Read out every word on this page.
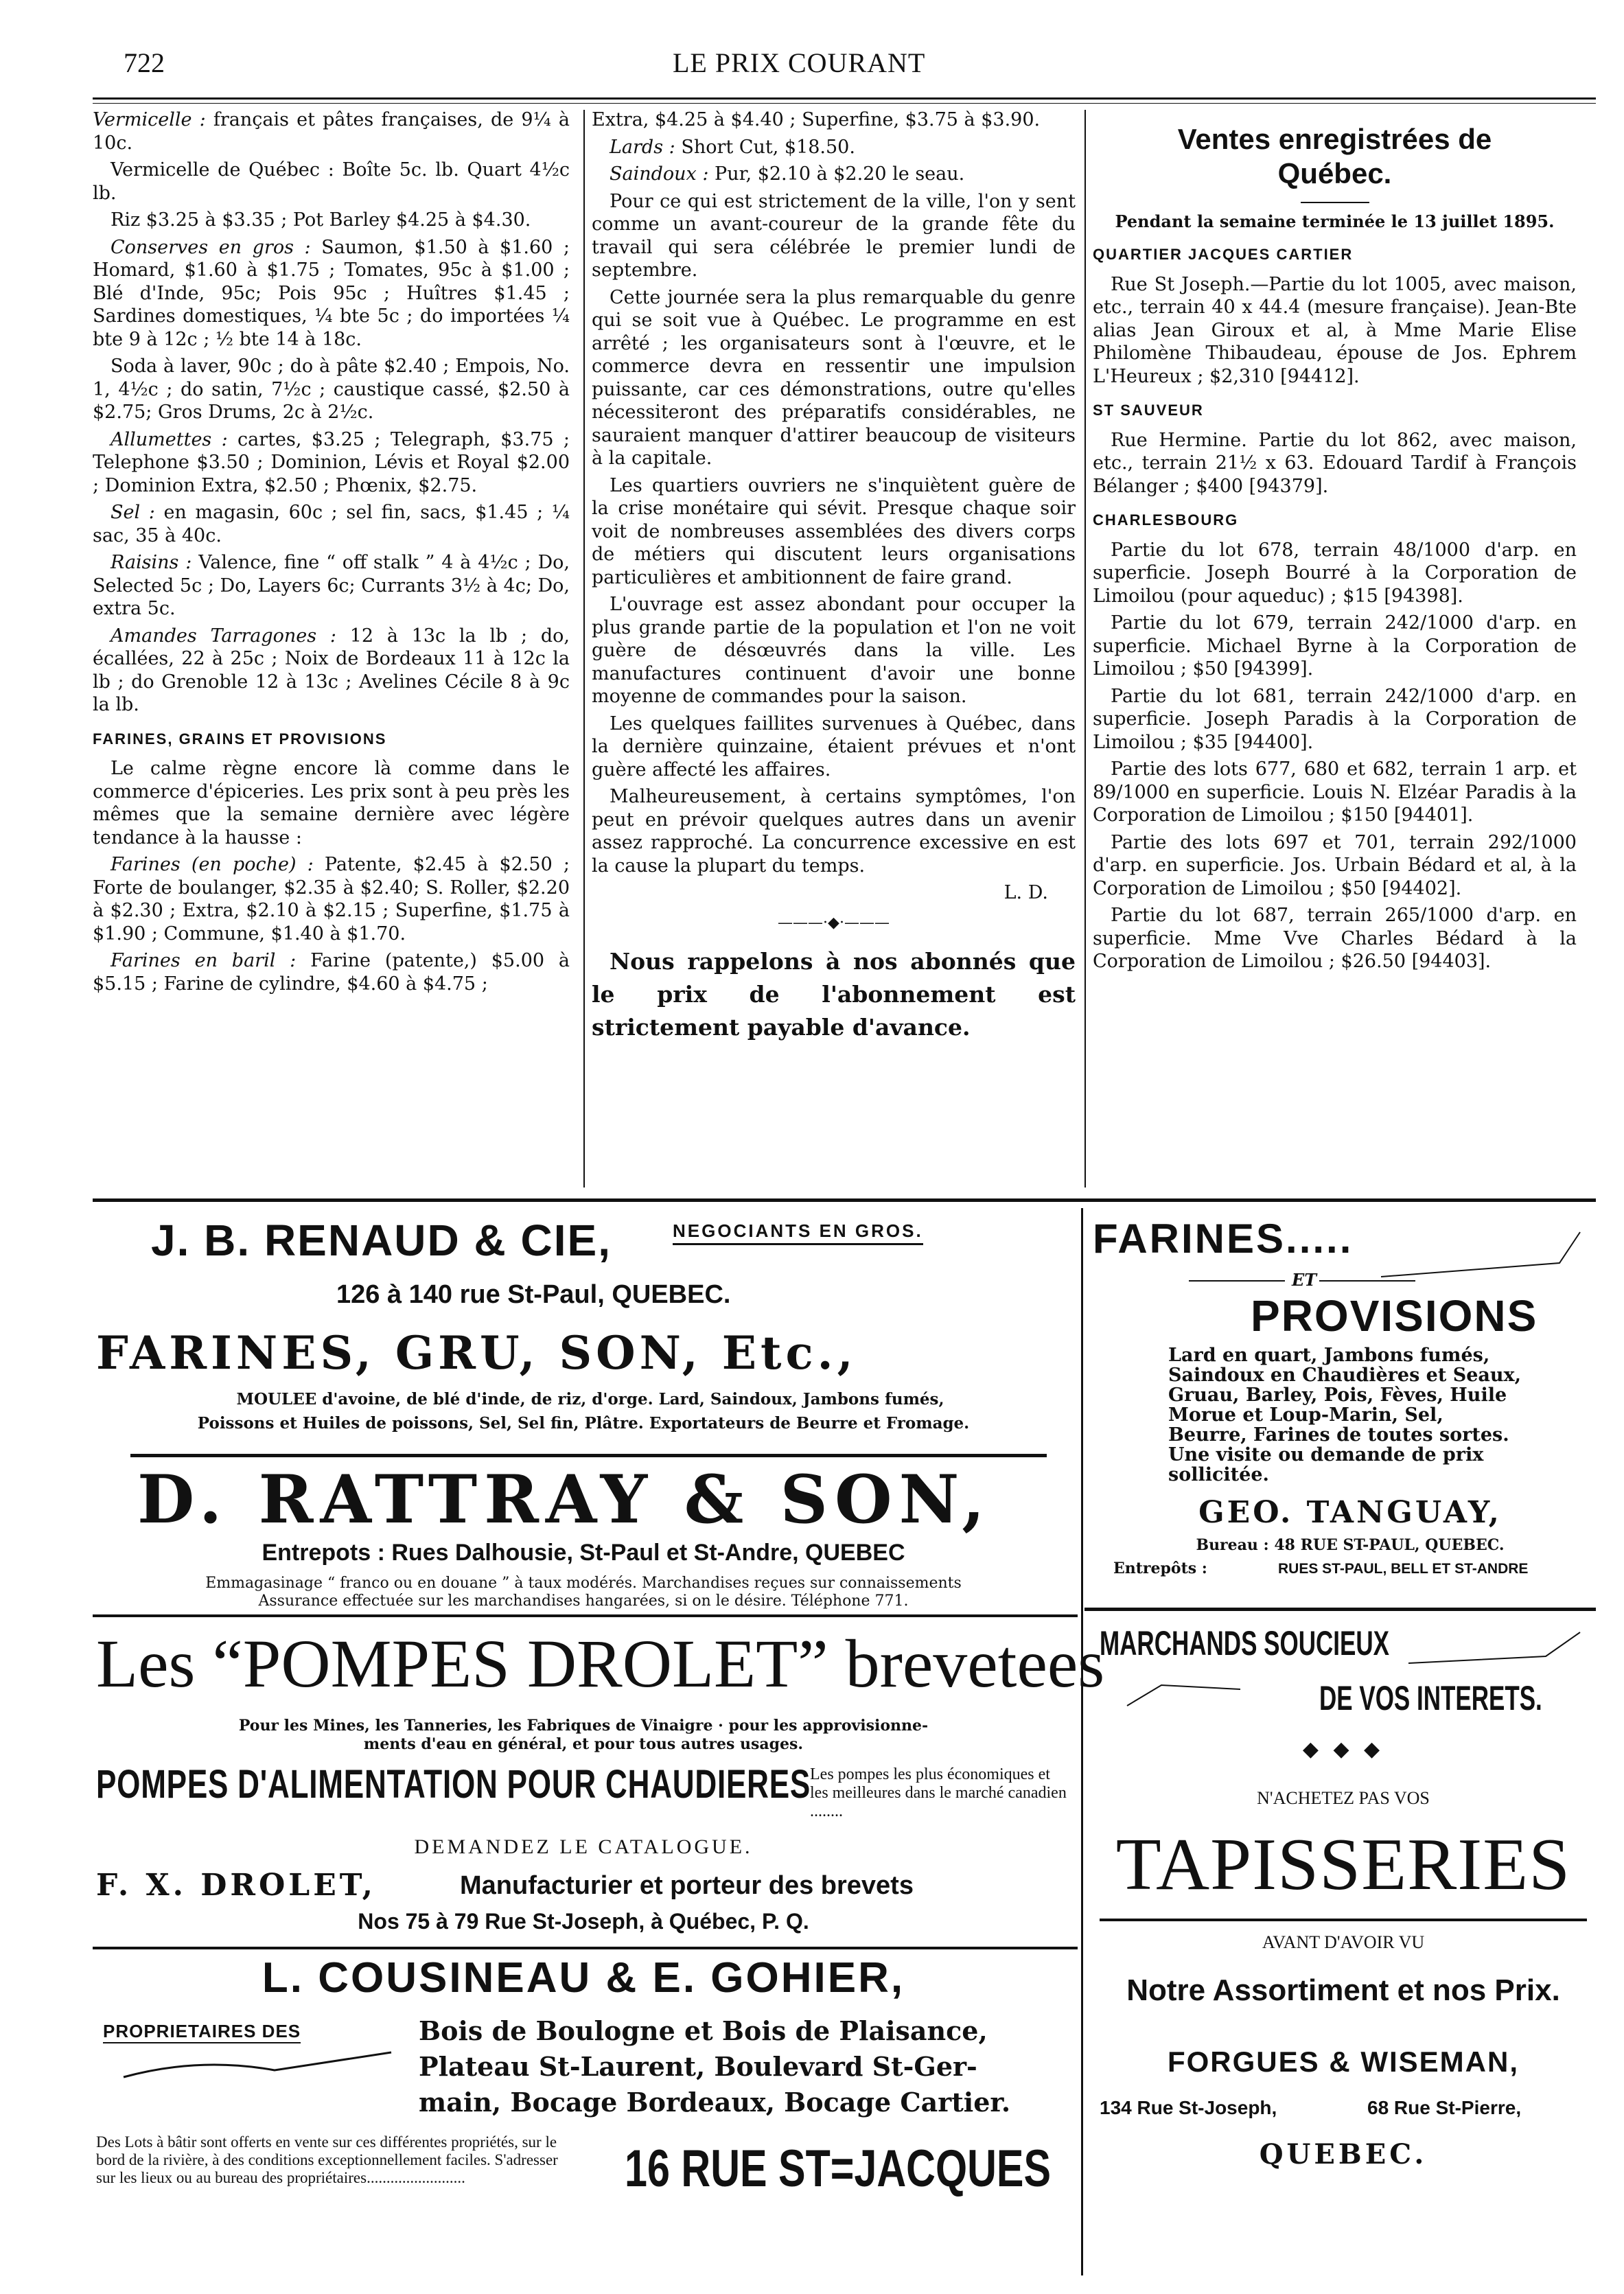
722	LE PRIX COURANT

Vermicelle : français et pâtes françaises, de 9¼ à 10c.

Vermicelle de Québec : Boîte 5c. lb. Quart 4½c lb.

Riz $3.25 à $3.35 ; Pot Barley $4.25 à $4.30.

Conserves en gros : Saumon, $1.50 à $1.60 ; Homard, $1.60 à $1.75 ; Tomates, 95c à $1.00 ; Blé d'Inde, 95c; Pois 95c ; Huîtres $1.45 ; Sardines domestiques, ¼ bte 5c ; do importées ¼ bte 9 à 12c ; ½ bte 14 à 18c.

Soda à laver, 90c ; do à pâte $2.40 ; Empois, No. 1, 4½c ; do satin, 7½c ; caustique cassé, $2.50 à $2.75; Gros Drums, 2c à 2½c.

Allumettes : cartes, $3.25 ; Telegraph, $3.75 ; Telephone $3.50 ; Dominion, Lévis et Royal $2.00 ; Dominion Extra, $2.50 ; Phœnix, $2.75.

Sel : en magasin, 60c ; sel fin, sacs, $1.45 ; ¼ sac, 35 à 40c.

Raisins : Valence, fine “ off stalk ” 4 à 4½c ; Do, Selected 5c ; Do, Layers 6c; Currants 3½ à 4c; Do, extra 5c.

Amandes Tarragones : 12 à 13c la lb ; do, écallées, 22 à 25c ; Noix de Bordeaux 11 à 12c la lb ; do Grenoble 12 à 13c ; Avelines Cécile 8 à 9c la lb.

FARINES, GRAINS ET PROVISIONS

Le calme règne encore là comme dans le commerce d'épiceries. Les prix sont à peu près les mêmes que la semaine dernière avec légère tendance à la hausse :

Farines (en poche) : Patente, $2.45 à $2.50 ; Forte de boulanger, $2.35 à $2.40; S. Roller, $2.20 à $2.30 ; Extra, $2.10 à $2.15 ; Superfine, $1.75 à $1.90 ; Commune, $1.40 à $1.70.

Farines en baril : Farine (patente,) $5.00 à $5.15 ; Farine de cylindre, $4.60 à $4.75 ;

Extra, $4.25 à $4.40 ; Superfine, $3.75 à $3.90.

Lards : Short Cut, $18.50.

Saindoux : Pur, $2.10 à $2.20 le seau.

Pour ce qui est strictement de la ville, l'on y sent comme un avant-coureur de la grande fête du travail qui sera célébrée le premier lundi de septembre.

Cette journée sera la plus remarquable du genre qui se soit vue à Québec. Le programme en est arrêté ; les organisateurs sont à l'œuvre, et le commerce devra en ressentir une impulsion puissante, car ces démonstrations, outre qu'elles nécessiteront des préparatifs considérables, ne sauraient manquer d'attirer beaucoup de visiteurs à la capitale.

Les quartiers ouvriers ne s'inquiètent guère de la crise monétaire qui sévit. Presque chaque soir voit de nombreuses assemblées des divers corps de métiers qui discutent leurs organisations particulières et ambitionnent de faire grand.

L'ouvrage est assez abondant pour occuper la plus grande partie de la population et l'on ne voit guère de désœuvrés dans la ville. Les manufactures continuent d'avoir une bonne moyenne de commandes pour la saison.

Les quelques faillites survenues à Québec, dans la dernière quinzaine, étaient prévues et n'ont guère affecté les affaires.

Malheureusement, à certains symptômes, l'on peut en prévoir quelques autres dans un avenir assez rapproché. La concurrence excessive en est la cause la plupart du temps.

L. D.

———·◆·———

Nous rappelons à nos abonnés que le prix de l'abonnement est strictement payable d'avance.

Ventes enregistrées de Québec.
Pendant la semaine terminée le 13 juillet 1895.

QUARTIER JACQUES CARTIER

Rue St Joseph.—Partie du lot 1005, avec maison, etc., terrain 40 x 44.4 (mesure française). Jean-Bte alias Jean Giroux et al, à Mme Marie Elise Philomène Thibaudeau, épouse de Jos. Ephrem L'Heureux ; $2,310 [94412].

ST SAUVEUR

Rue Hermine. Partie du lot 862, avec maison, etc., terrain 21½ x 63. Edouard Tardif à François Bélanger ; $400 [94379].

CHARLESBOURG

Partie du lot 678, terrain 48/1000 d'arp. en superficie. Joseph Bourré à la Corporation de Limoilou (pour aqueduc) ; $15 [94398].

Partie du lot 679, terrain 242/1000 d'arp. en superficie. Michael Byrne à la Corporation de Limoilou ; $50 [94399].

Partie du lot 681, terrain 242/1000 d'arp. en superficie. Joseph Paradis à la Corporation de Limoilou ; $35 [94400].

Partie des lots 677, 680 et 682, terrain 1 arp. et 89/1000 en superficie. Louis N. Elzéar Paradis à la Corporation de Limoilou ; $150 [94401].

Partie des lots 697 et 701, terrain 292/1000 d'arp. en superficie. Jos. Urbain Bédard et al, à la Corporation de Limoilou ; $50 [94402].

Partie du lot 687, terrain 265/1000 d'arp. en superficie. Mme Vve Charles Bédard à la Corporation de Limoilou ; $26.50 [94403].

J. B. RENAUD & CIE,	NEGOCIANTS EN GROS.
126 à 140 rue St-Paul, QUEBEC.
FARINES, GRU, SON, Etc.,
MOULEE d'avoine, de blé d'inde, de riz, d'orge. Lard, Saindoux, Jambons fumés,
Poissons et Huiles de poissons, Sel, Sel fin, Plâtre. Exportateurs de Beurre et Fromage.
D. RATTRAY & SON,
Entrepots : Rues Dalhousie, St-Paul et St-Andre, QUEBEC
Emmagasinage “ franco ou en douane ” à taux modérés. Marchandises reçues sur connaissements
Assurance effectuée sur les marchandises hangarées, si on le désire. Téléphone 771.
Les “POMPES DROLET” brevetees
Pour les Mines, les Tanneries, les Fabriques de Vinaigre · pour les approvisionne-
ments d'eau en général, et pour tous autres usages.
POMPES D'ALIMENTATION POUR CHAUDIERES
Les pompes les plus économiques et les meilleures dans le marché canadien ........
DEMANDEZ LE CATALOGUE.
F. X. DROLET,	Manufacturier et porteur des brevets
Nos 75 à 79 Rue St-Joseph, à Québec, P. Q.
L. COUSINEAU & E. GOHIER,
PROPRIETAIRES DES	Bois de Boulogne et Bois de Plaisance,
Plateau St-Laurent, Boulevard St-Ger-
main, Bocage Bordeaux, Bocage Cartier.
Des Lots à bâtir sont offerts en vente sur ces différentes propriétés, sur le bord de la rivière, à des conditions exceptionnellement faciles. S'adresser sur les lieux ou au bureau des propriétaires.........................	16 RUE ST=JACQUES
FARINES.....
ET
PROVISIONS
Lard en quart, Jambons fumés, Saindoux en Chaudières et Seaux, Gruau, Barley, Pois, Fèves, Huile Morue et Loup-Marin, Sel, Beurre, Farines de toutes sortes. Une visite ou demande de prix sollicitée.
GEO. TANGUAY,
Bureau : 48 RUE ST-PAUL, QUEBEC.
Entrepôts :	RUES ST-PAUL, BELL ET ST-ANDRE
MARCHANDS SOUCIEUX
DE VOS INTERETS.
◆ ◆ ◆
N'ACHETEZ PAS VOS
TAPISSERIES
AVANT D'AVOIR VU
Notre Assortiment et nos Prix.
FORGUES & WISEMAN,
134 Rue St-Joseph,	68 Rue St-Pierre,
QUEBEC.
